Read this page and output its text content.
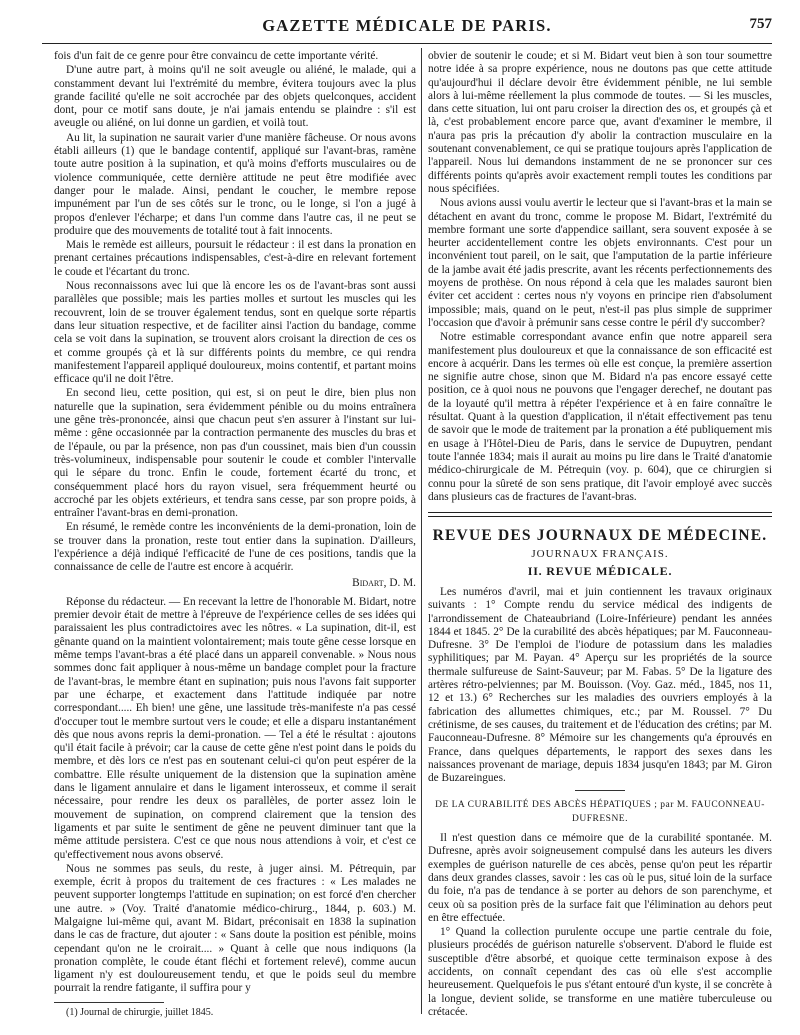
GAZETTE MÉDICALE DE PARIS.	757

fois d'un fait de ce genre pour être convaincu de cette importante vérité.

D'une autre part, à moins qu'il ne soit aveugle ou aliéné, le malade, qui a constamment devant lui l'extrémité du membre, évitera toujours avec la plus grande facilité qu'elle ne soit accrochée par des objets quelconques, accident dont, pour ce motif sans doute, je n'ai jamais entendu se plaindre : s'il est aveugle ou aliéné, on lui donne un gardien, et voilà tout.

Au lit, la supination ne saurait varier d'une manière fâcheuse. Or nous avons établi ailleurs (1) que le bandage contentif, appliqué sur l'avant-bras, ramène toute autre position à la supination, et qu'à moins d'efforts musculaires ou de violence communiquée, cette dernière attitude ne peut être modifiée avec danger pour le malade. Ainsi, pendant le coucher, le membre repose impunément par l'un de ses côtés sur le tronc, ou le longe, si l'on a jugé à propos d'enlever l'écharpe; et dans l'un comme dans l'autre cas, il ne peut se produire que des mouvements de totalité tout à fait innocents.

Mais le remède est ailleurs, poursuit le rédacteur : il est dans la pronation en prenant certaines précautions indispensables, c'est-à-dire en relevant fortement le coude et l'écartant du tronc.

Nous reconnaissons avec lui que là encore les os de l'avant-bras sont aussi parallèles que possible; mais les parties molles et surtout les muscles qui les recouvrent, loin de se trouver également tendus, sont en quelque sorte répartis dans leur situation respective, et de faciliter ainsi l'action du bandage, comme cela se voit dans la supination, se trouvent alors croisant la direction de ces os et comme groupés çà et là sur différents points du membre, ce qui rendra manifestement l'appareil appliqué douloureux, moins contentif, et partant moins efficace qu'il ne doit l'être.

En second lieu, cette position, qui est, si on peut le dire, bien plus non naturelle que la supination, sera évidemment pénible ou du moins entraînera une gêne très-prononcée, ainsi que chacun peut s'en assurer à l'instant sur lui-même : gêne occasionnée par la contraction permanente des muscles du bras et de l'épaule, ou par la présence, non pas d'un coussinet, mais bien d'un coussin très-volumineux, indispensable pour soutenir le coude et combler l'intervalle qui le sépare du tronc. Enfin le coude, fortement écarté du tronc, et conséquemment placé hors du rayon visuel, sera fréquemment heurté ou accroché par les objets extérieurs, et tendra sans cesse, par son propre poids, à entraîner l'avant-bras en demi-pronation.

En résumé, le remède contre les inconvénients de la demi-pronation, loin de se trouver dans la pronation, reste tout entier dans la supination. D'ailleurs, l'expérience a déjà indiqué l'efficacité de l'une de ces positions, tandis que la connaissance de celle de l'autre est encore à acquérir.

Bidart, D. M.

Réponse du rédacteur. — En recevant la lettre de l'honorable M. Bidart, notre premier devoir était de mettre à l'épreuve de l'expérience celles de ses idées qui paraissaient les plus contradictoires avec les nôtres. « La supination, dit-il, est gênante quand on la maintient volontairement; mais toute gêne cesse lorsque en même temps l'avant-bras a été placé dans un appareil convenable. » Nous nous sommes donc fait appliquer à nous-même un bandage complet pour la fracture de l'avant-bras, le membre étant en supination; puis nous l'avons fait supporter par une écharpe, et exactement dans l'attitude indiquée par notre correspondant..... Eh bien! une gêne, une lassitude très-manifeste n'a pas cessé d'occuper tout le membre surtout vers le coude; et elle a disparu instantanément dès que nous avons repris la demi-pronation. — Tel a été le résultat : ajoutons qu'il était facile à prévoir; car la cause de cette gêne n'est point dans le poids du membre, et dès lors ce n'est pas en soutenant celui-ci qu'on peut espérer de la combattre. Elle résulte uniquement de la distension que la supination amène dans le ligament annulaire et dans le ligament interosseux, et comme il serait nécessaire, pour rendre les deux os parallèles, de porter assez loin le mouvement de supination, on comprend clairement que la tension des ligaments et par suite le sentiment de gêne ne peuvent diminuer tant que la même attitude persistera. C'est ce que nous nous attendions à voir, et c'est ce qu'effectivement nous avons observé.

Nous ne sommes pas seuls, du reste, à juger ainsi. M. Pétrequin, par exemple, écrit à propos du traitement de ces fractures : « Les malades ne peuvent supporter longtemps l'attitude en supination; on est forcé d'en chercher une autre. » (Voy. Traité d'anatomie médico-chirurg., 1844, p. 603.) M. Malgaigne lui-même qui, avant M. Bidart, préconisait en 1838 la supination dans le cas de fracture, dut ajouter : « Sans doute la position est pénible, moins cependant qu'on ne le croirait.... » Quant à celle que nous indiquons (la pronation complète, le coude étant fléchi et fortement relevé), comme aucun ligament n'y est douloureusement tendu, et que le poids seul du membre pourrait la rendre fatigante, il suffira pour y

(1) Journal de chirurgie, juillet 1845.

obvier de soutenir le coude; et si M. Bidart veut bien à son tour soumettre notre idée à sa propre expérience, nous ne doutons pas que cette attitude qu'aujourd'hui il déclare devoir être évidemment pénible, ne lui semble alors à lui-même réellement la plus commode de toutes. — Si les muscles, dans cette situation, lui ont paru croiser la direction des os, et groupés çà et là, c'est probablement encore parce que, avant d'examiner le membre, il n'aura pas pris la précaution d'y abolir la contraction musculaire en la soutenant convenablement, ce qui se pratique toujours après l'application de l'appareil. Nous lui demandons instamment de ne se prononcer sur ces différents points qu'après avoir exactement rempli toutes les conditions par nous spécifiées.

Nous avions aussi voulu avertir le lecteur que si l'avant-bras et la main se détachent en avant du tronc, comme le propose M. Bidart, l'extrémité du membre formant une sorte d'appendice saillant, sera souvent exposée à se heurter accidentellement contre les objets environnants. C'est pour un inconvénient tout pareil, on le sait, que l'amputation de la partie inférieure de la jambe avait été jadis prescrite, avant les récents perfectionnements des moyens de prothèse. On nous répond à cela que les malades sauront bien éviter cet accident : certes nous n'y voyons en principe rien d'absolument impossible; mais, quand on le peut, n'est-il pas plus simple de supprimer l'occasion que d'avoir à prémunir sans cesse contre le péril d'y succomber?

Notre estimable correspondant avance enfin que notre appareil sera manifestement plus douloureux et que la connaissance de son efficacité est encore à acquérir. Dans les termes où elle est conçue, la première assertion ne signifie autre chose, sinon que M. Bidard n'a pas encore essayé cette position, ce à quoi nous ne pouvons que l'engager derechef, ne doutant pas de la loyauté qu'il mettra à répéter l'expérience et à en faire connaître le résultat. Quant à la question d'application, il n'était effectivement pas tenu de savoir que le mode de traitement par la pronation a été publiquement mis en usage à l'Hôtel-Dieu de Paris, dans le service de Dupuytren, pendant toute l'année 1834; mais il aurait au moins pu lire dans le Traité d'anatomie médico-chirurgicale de M. Pétrequin (voy. p. 604), que ce chirurgien si connu pour la sûreté de son sens pratique, dit l'avoir employé avec succès dans plusieurs cas de fractures de l'avant-bras.

REVUE DES JOURNAUX DE MÉDECINE.
JOURNAUX FRANÇAIS.
II. REVUE MÉDICALE.

Les numéros d'avril, mai et juin contiennent les travaux originaux suivants : 1° Compte rendu du service médical des indigents de l'arrondissement de Chateaubriand (Loire-Inférieure) pendant les années 1844 et 1845. 2° De la curabilité des abcès hépatiques; par M. Fauconneau-Dufresne. 3° De l'emploi de l'iodure de potassium dans les maladies syphilitiques; par M. Payan. 4° Aperçu sur les propriétés de la source thermale sulfureuse de Saint-Sauveur; par M. Fabas. 5° De la ligature des artères rétro-pelviennes; par M. Bouisson. (Voy. Gaz. méd., 1845, nos 11, 12 et 13.) 6° Recherches sur les maladies des ouvriers employés à la fabrication des allumettes chimiques, etc.; par M. Roussel. 7° Du crétinisme, de ses causes, du traitement et de l'éducation des crétins; par M. Fauconneau-Dufresne. 8° Mémoire sur les changements qu'a éprouvés en France, dans quelques départements, le rapport des sexes dans les naissances provenant de mariage, depuis 1834 jusqu'en 1843; par M. Giron de Buzareingues.

DE LA CURABILITÉ DES ABCÈS HÉPATIQUES ; par M. FAUCONNEAU-DUFRESNE.

Il n'est question dans ce mémoire que de la curabilité spontanée. M. Dufresne, après avoir soigneusement compulsé dans les auteurs les divers exemples de guérison naturelle de ces abcès, pense qu'on peut les répartir dans deux grandes classes, savoir : les cas où le pus, situé loin de la surface du foie, n'a pas de tendance à se porter au dehors de son parenchyme, et ceux où sa position près de la surface fait que l'élimination au dehors peut en être effectuée.

1° Quand la collection purulente occupe une partie centrale du foie, plusieurs procédés de guérison naturelle s'observent. D'abord le fluide est susceptible d'être absorbé, et quoique cette terminaison expose à des accidents, on connaît cependant des cas où elle s'est accomplie heureusement. Quelquefois le pus s'étant entouré d'un kyste, il se concrète à la longue, devient solide, se transforme en une matière tuberculeuse ou crétacée.
